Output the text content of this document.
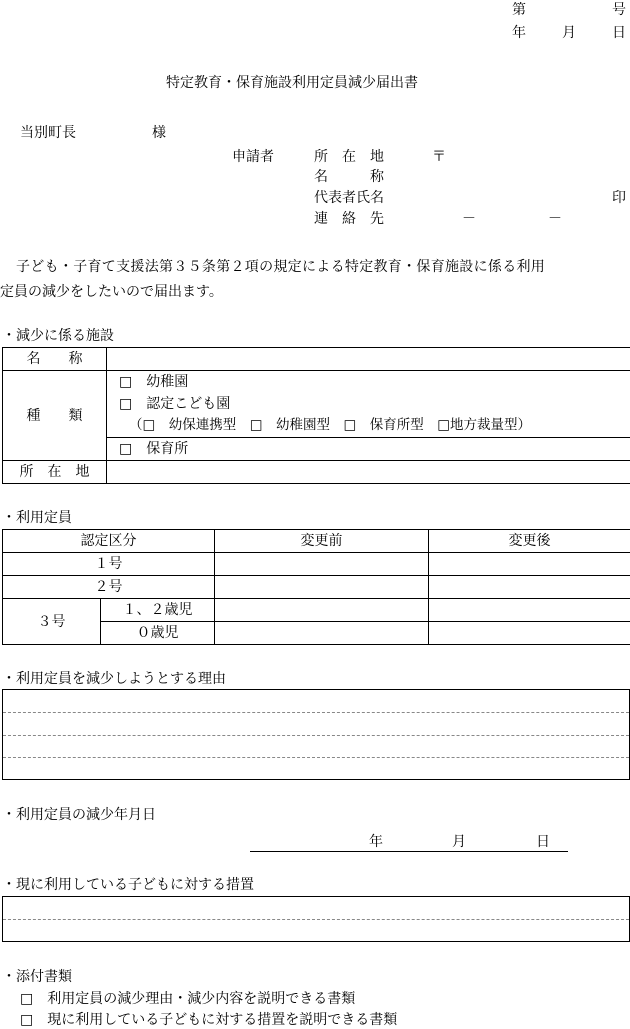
第	号
年	月	日
特定教育・保育施設利用定員減少届出書
当別町長	様
申請者	所　在　地	〒
名　　　称
代表者氏名	印
連　絡　先	－	－
子ども・子育て支援法第３５条第２項の規定による特定教育・保育施設に係る利用
定員の減少をしたいので届出ます。
・減少に係る施設
名　　称	
種　　類	□　幼稚園
	□　認定こども園
	（□　幼保連携型　□　幼稚園型　□　保育所型　□地方裁量型）
	□　保育所
所　在　地	
・利用定員
認定区分		変更前	変更後
１号			
２号			
３号	１、２歳児		
	０歳児		
・利用定員を減少しようとする理由
・利用定員の減少年月日
年	月	日
・現に利用している子どもに対する措置
・添付書類
□　利用定員の減少理由・減少内容を説明できる書類
□　現に利用している子どもに対する措置を説明できる書類
